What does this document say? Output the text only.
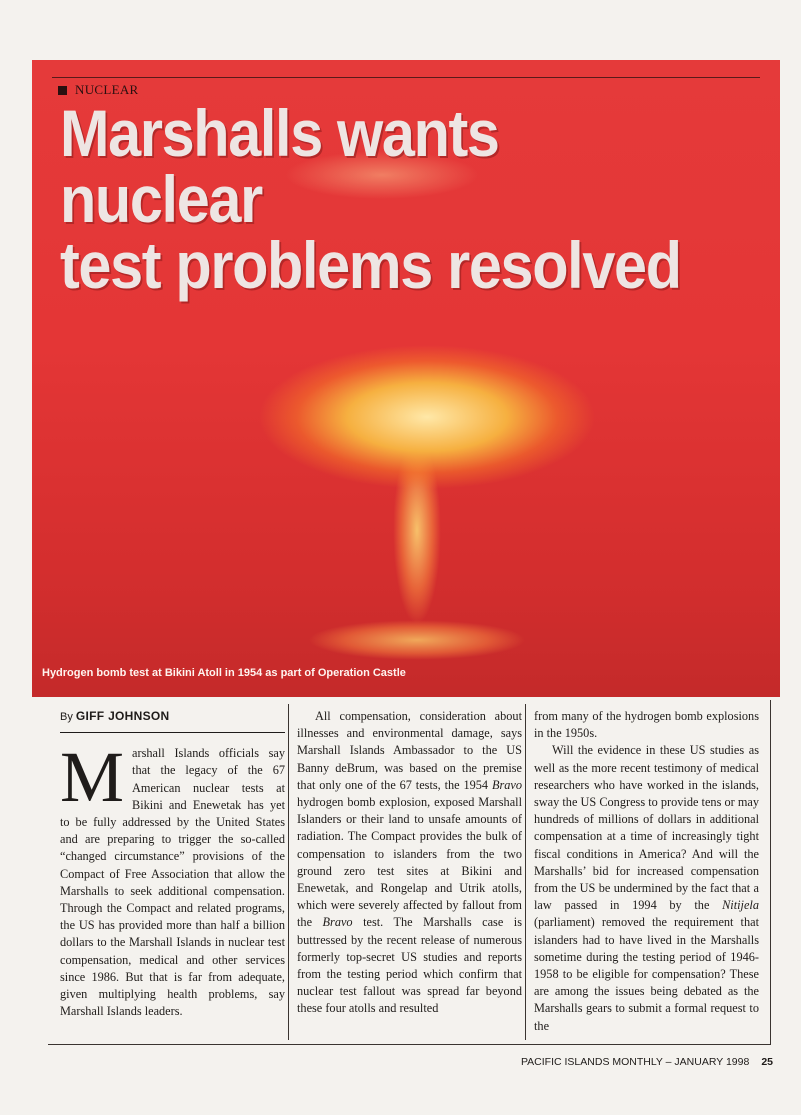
NUCLEAR
Marshalls wants nuclear
test problems resolved
Hydrogen bomb test at Bikini Atoll in 1954 as part of Operation Castle
By GIFF JOHNSON

Marshall Islands officials say that the legacy of the 67 American nuclear tests at Bikini and Enewetak has yet to be fully addressed by the United States and are preparing to trigger the so-called “changed circumstance” provisions of the Compact of Free Association that allow the Marshalls to seek additional compensation. Through the Compact and related programs, the US has provided more than half a billion dollars to the Marshall Islands in nuclear test compensation, medical and other services since 1986. But that is far from adequate, given multiplying health problems, say Marshall Islands leaders.

All compensation, consideration about illnesses and environmental damage, says Marshall Islands Ambassador to the US Banny deBrum, was based on the premise that only one of the 67 tests, the 1954 Bravo hydrogen bomb explosion, exposed Marshall Islanders or their land to unsafe amounts of radiation. The Compact provides the bulk of compensation to islanders from the two ground zero test sites at Bikini and Enewetak, and Rongelap and Utrik atolls, which were severely affected by fallout from the Bravo test. The Marshalls case is buttressed by the recent release of numerous formerly top-secret US studies and reports from the testing period which confirm that nuclear test fallout was spread far beyond these four atolls and resulted

from many of the hydrogen bomb explosions in the 1950s.

Will the evidence in these US studies as well as the more recent testimony of medical researchers who have worked in the islands, sway the US Congress to provide tens or may hundreds of millions of dollars in additional compensation at a time of increasingly tight fiscal conditions in America? And will the Marshalls’ bid for increased compensation from the US be undermined by the fact that a law passed in 1994 by the Nitijela (parliament) removed the requirement that islanders had to have lived in the Marshalls sometime during the testing period of 1946-1958 to be eligible for compensation? These are among the issues being debated as the Marshalls gears to submit a formal request to the

PACIFIC ISLANDS MONTHLY – JANUARY 1998 25
